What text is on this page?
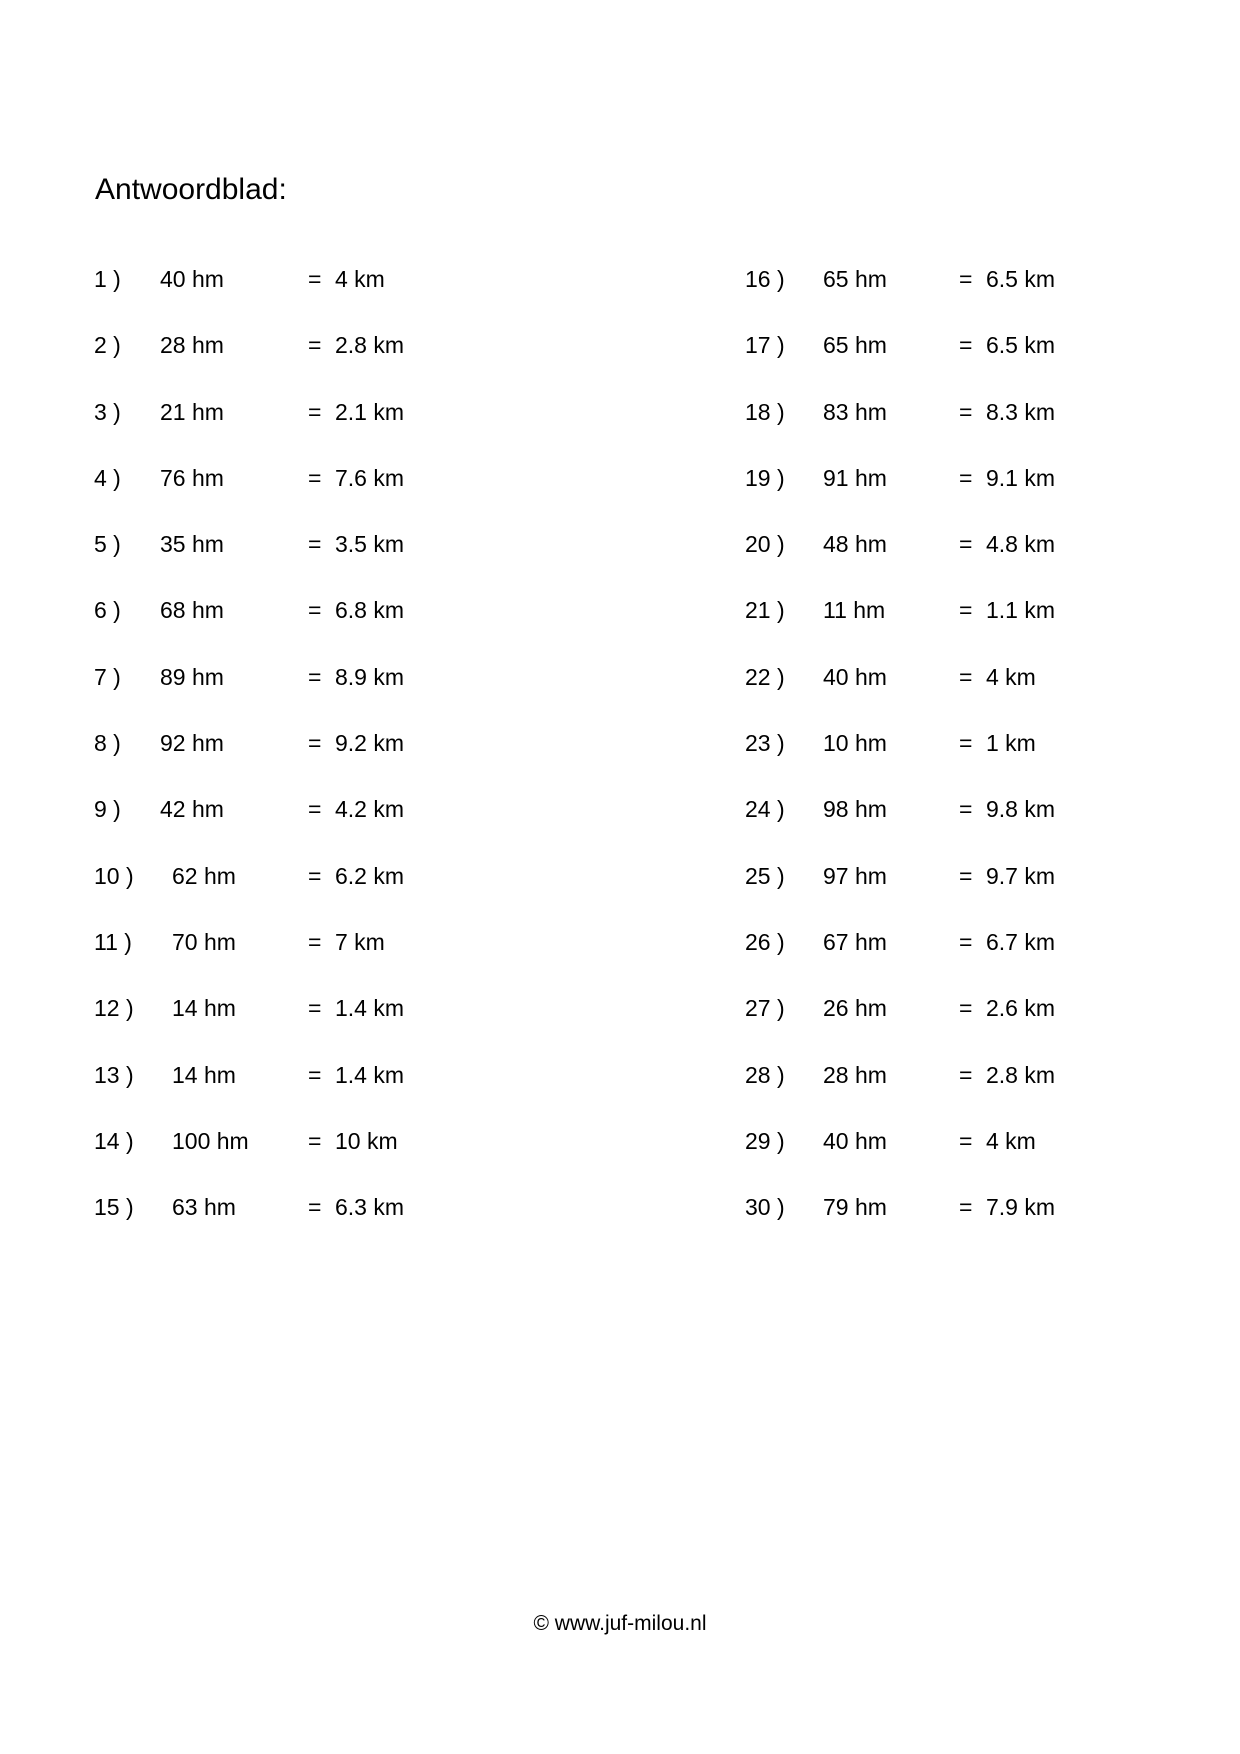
Antwoordblad:
1 ) 40 hm	= 4 km
2 ) 28 hm	= 2.8 km
3 ) 21 hm	= 2.1 km
4 ) 76 hm	= 7.6 km
5 ) 35 hm	= 3.5 km
6 ) 68 hm	= 6.8 km
7 ) 89 hm	= 8.9 km
8 ) 92 hm	= 9.2 km
9 ) 42 hm	= 4.2 km
10 ) 62 hm	= 6.2 km
11 ) 70 hm	= 7 km
12 ) 14 hm	= 1.4 km
13 ) 14 hm	= 1.4 km
14 ) 100 hm	= 10 km
15 ) 63 hm	= 6.3 km
16 ) 65 hm	= 6.5 km
17 ) 65 hm	= 6.5 km
18 ) 83 hm	= 8.3 km
19 ) 91 hm	= 9.1 km
20 ) 48 hm	= 4.8 km
21 ) 11 hm	= 1.1 km
22 ) 40 hm	= 4 km
23 ) 10 hm	= 1 km
24 ) 98 hm	= 9.8 km
25 ) 97 hm	= 9.7 km
26 ) 67 hm	= 6.7 km
27 ) 26 hm	= 2.6 km
28 ) 28 hm	= 2.8 km
29 ) 40 hm	= 4 km
30 ) 79 hm	= 7.9 km
© www.juf-milou.nl
